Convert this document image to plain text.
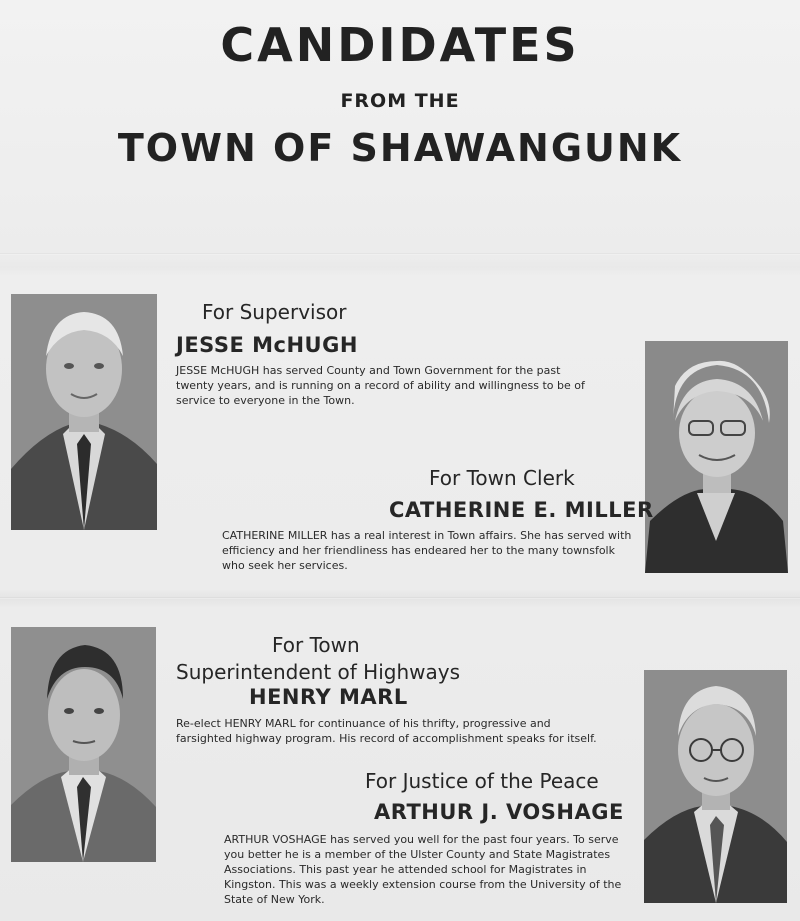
CANDIDATES
FROM THE
TOWN OF SHAWANGUNK
For Supervisor
JESSE McHUGH

JESSE McHUGH has served County and Town Government for the past twenty years, and is running on a record of ability and willingness to be of service to everyone in the Town.

For Town Clerk
CATHERINE E. MILLER

CATHERINE MILLER has a real interest in Town affairs. She has served with efficiency and her friendliness has endeared her to the many townsfolk who seek her services.

For Town
Superintendent of Highways
HENRY MARL

Re-elect HENRY MARL for continuance of his thrifty, progressive and farsighted highway program. His record of accomplishment speaks for itself.

For Justice of the Peace
ARTHUR J. VOSHAGE

ARTHUR VOSHAGE has served you well for the past four years. To serve you better he is a member of the Ulster County and State Magistrates Associations. This past year he attended school for Magistrates in Kingston. This was a weekly extension course from the University of the State of New York.
